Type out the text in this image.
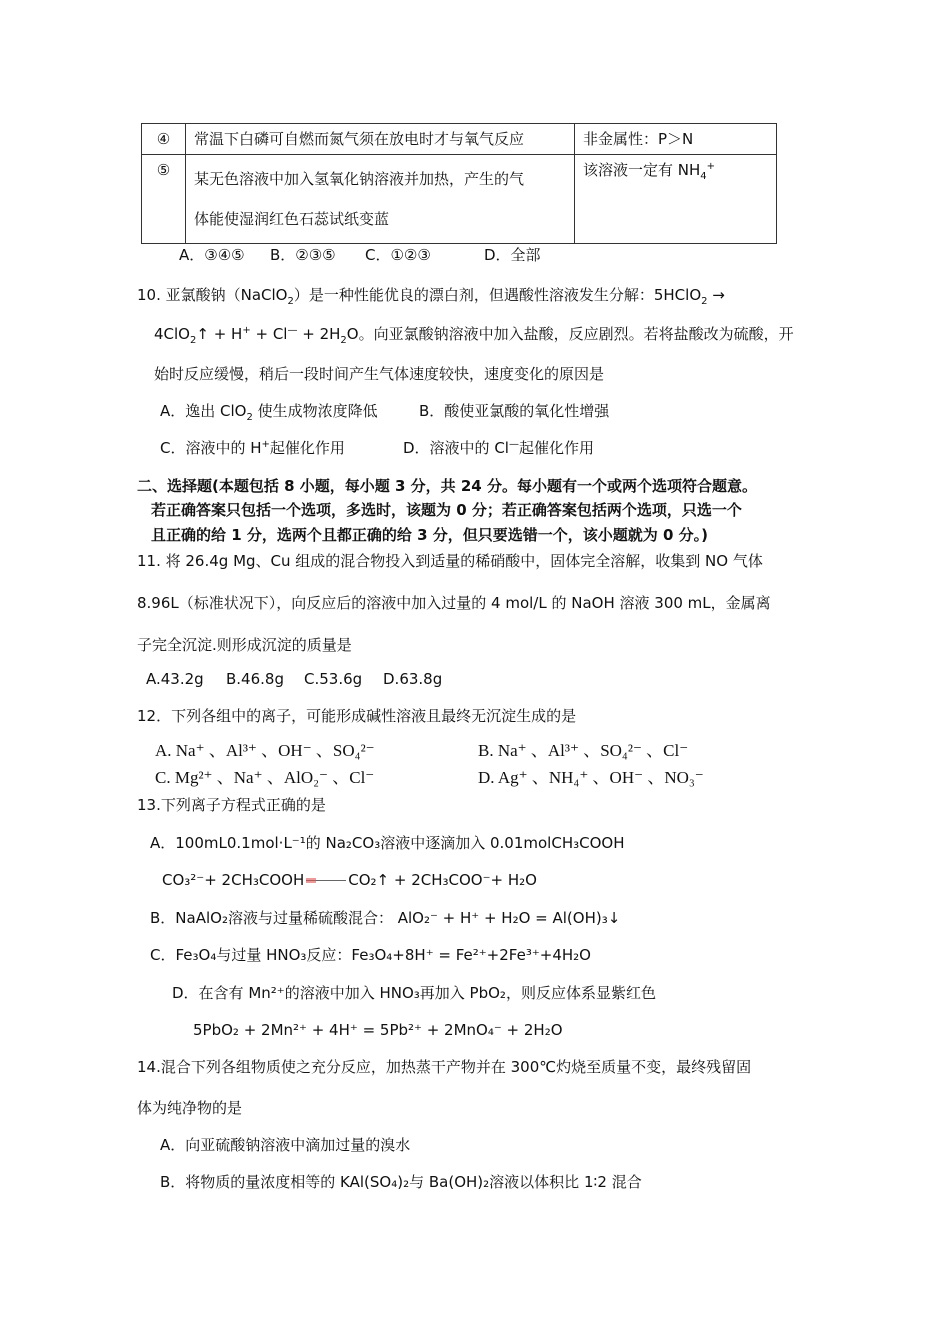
④	常温下白磷可自燃而氮气须在放电时才与氧气反应	非金属性：P＞N
⑤	某无色溶液中加入氢氧化钠溶液并加热，产生的气
体能使湿润红色石蕊试纸变蓝	该溶液一定有 $NH_4^+$
A．③④⑤ B．②③⑤ C．①②③	D．全部
10. 亚氯酸钠（NaClO$_2$）是一种性能优良的漂白剂，但遇酸性溶液发生分解：5HClO$_2$ →
4ClO$_2$↑ + $H^+ + Cl^— + 2H_2O$。向亚氯酸钠溶液中加入盐酸，反应剧烈。若将盐酸改为硫酸，开
始时反应缓慢，稍后一段时间产生气体速度较快，速度变化的原因是
A．逸出 ClO$_2$ 使生成物浓度降低	B．酸使亚氯酸的氧化性增强
C．溶液中的 H+起催化作用	D．溶液中的 Cl—起催化作用
二、选择题(本题包括 8 小题，每小题 3 分，共 24 分。每小题有一个或两个选项符合题意。
若正确答案只包括一个选项，多选时，该题为 0 分；若正确答案包括两个选项，只选一个
且正确的给 1 分，选两个且都正确的给 3 分，但只要选错一个，该小题就为 0 分。)
11. 将 26.4g Mg、Cu 组成的混合物投入到适量的稀硝酸中，固体完全溶解，收集到 NO 气体
8.96L（标准状况下），向反应后的溶液中加入过量的 4 mol/L 的 NaOH 溶液 300 mL，金属离
子完全沉淀.则形成沉淀的质量是
A.43.2g B.46.8g C.53.6g D.63.8g
12．下列各组中的离子，可能形成碱性溶液且最终无沉淀生成的是
A. Na⁺ 、Al³⁺ 、OH⁻ 、SO₄²⁻	B. Na⁺ 、Al³⁺ 、SO₄²⁻ 、Cl⁻
C. Mg²⁺ 、Na⁺ 、AlO₂⁻ 、Cl⁻	D. Ag⁺ 、NH₄⁺ 、OH⁻ 、NO₃⁻
13.下列离子方程式正确的是
A．100mL0.1mol·L⁻¹的 Na₂CO₃溶液中逐滴加入 0.01molCH₃COOH
CO₃²⁻+ 2CH₃COOH	CO₂↑ + 2CH₃COO⁻+ H₂O
B．NaAlO₂溶液与过量稀硫酸混合： AlO₂⁻ + H⁺ + H₂O = Al(OH)₃↓
C．Fe₃O₄与过量 HNO₃反应：Fe₃O₄+8H⁺ = Fe²⁺+2Fe³⁺+4H₂O
D．在含有 Mn²⁺的溶液中加入 HNO₃再加入 PbO₂，则反应体系显紫红色
5PbO₂ + 2Mn²⁺ + 4H⁺ = 5Pb²⁺ + 2MnO₄⁻ + 2H₂O
14.混合下列各组物质使之充分反应，加热蒸干产物并在 300℃灼烧至质量不变，最终残留固
体为纯净物的是
A．向亚硫酸钠溶液中滴加过量的溴水
B．将物质的量浓度相等的 KAl(SO₄)₂与 Ba(OH)₂溶液以体积比 1∶2 混合
